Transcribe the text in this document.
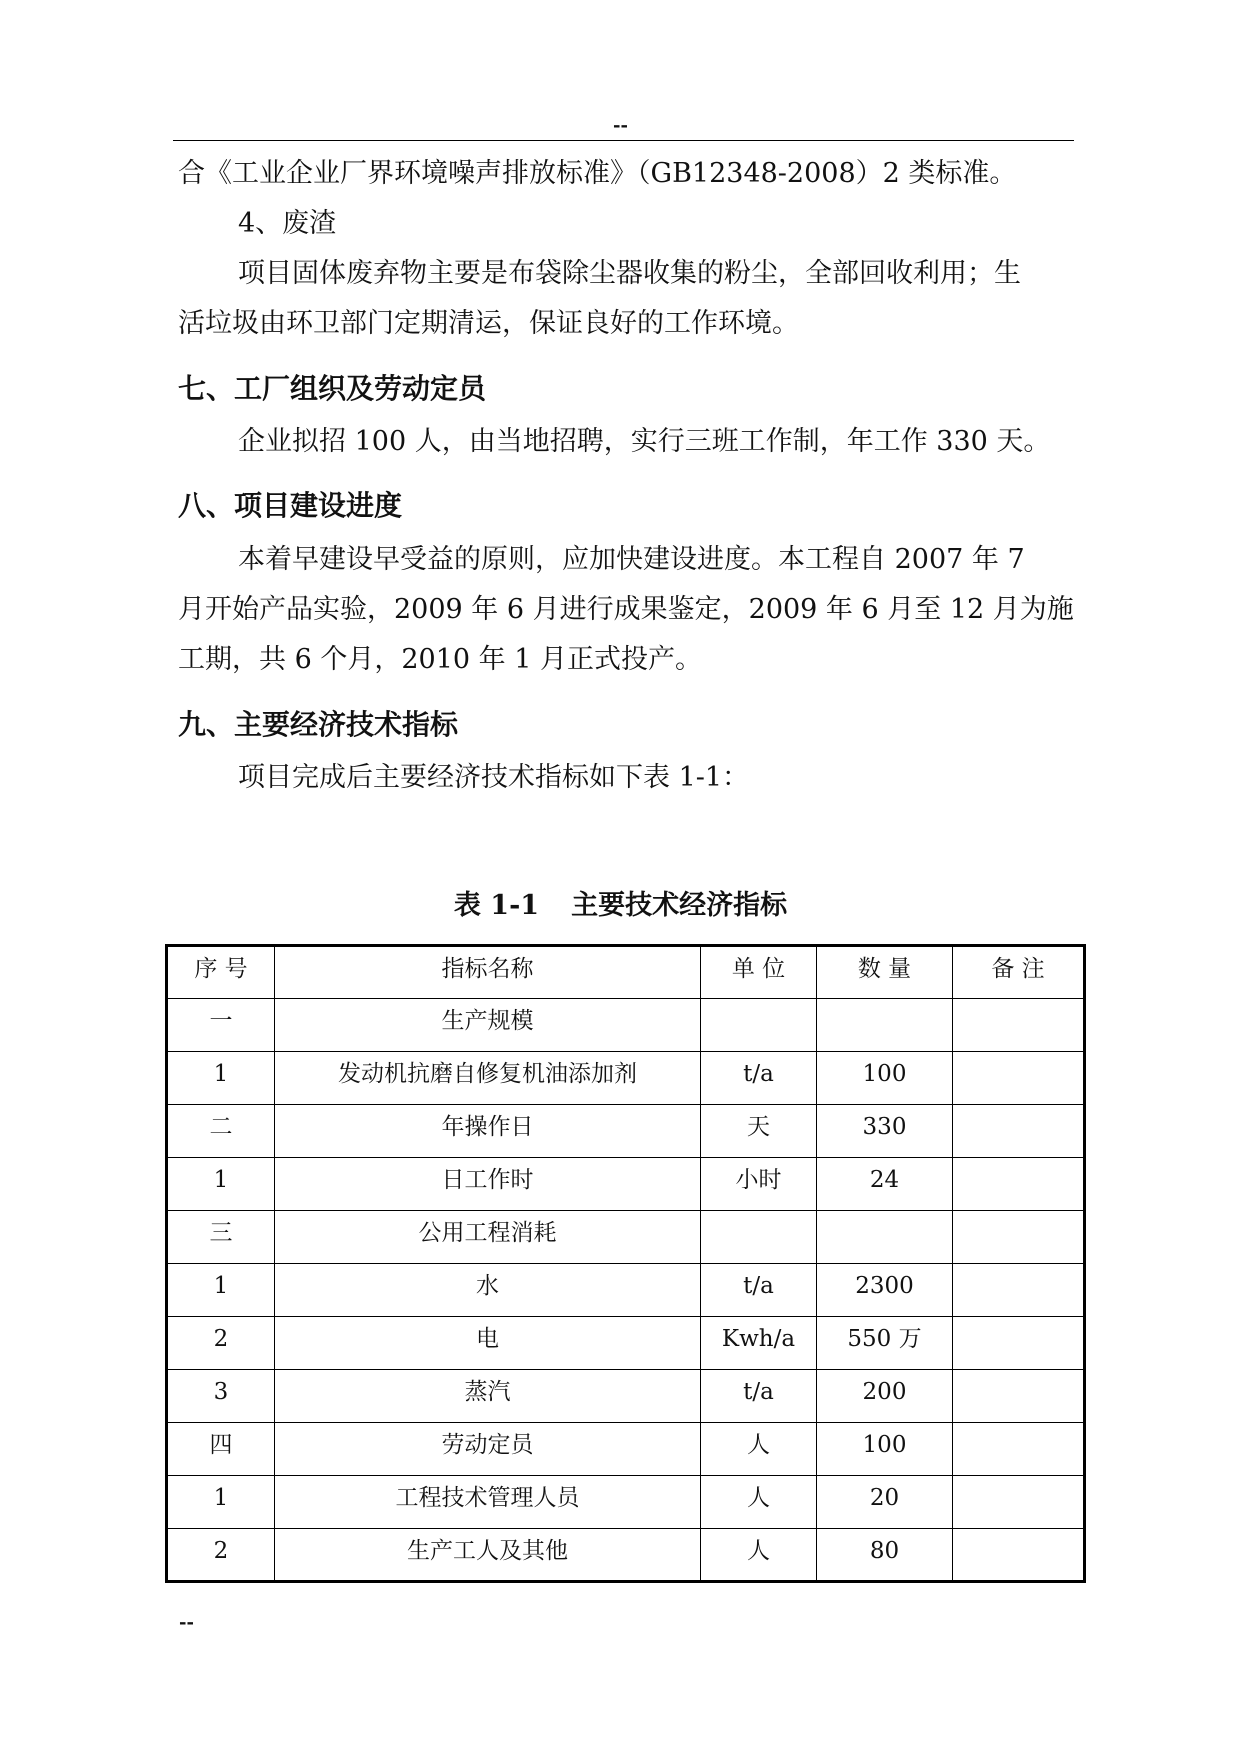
--
合《工业企业厂界环境噪声排放标准》（GB12348-2008）2 类标准。
4、废渣
项目固体废弃物主要是布袋除尘器收集的粉尘，全部回收利用；生
活垃圾由环卫部门定期清运，保证良好的工作环境。
七、工厂组织及劳动定员
企业拟招 100 人，由当地招聘，实行三班工作制，年工作 330 天。
八、项目建设进度
本着早建设早受益的原则，应加快建设进度。本工程自 2007 年 7
月开始产品实验，2009 年 6 月进行成果鉴定，2009 年 6 月至 12 月为施
工期，共 6 个月，2010 年 1 月正式投产。
九、主要经济技术指标
项目完成后主要经济技术指标如下表 1-1：
表 1-1 主要技术经济指标
序 号	指标名称	单 位	数 量	备 注
一	生产规模			
1	发动机抗磨自修复机油添加剂	t/a	100	
二	年操作日	天	330	
1	日工作时	小时	24	
三	公用工程消耗			
1	水	t/a	2300	
2	电	Kwh/a	550 万	
3	蒸汽	t/a	200	
四	劳动定员	人	100	
1	工程技术管理人员	人	20	
2	生产工人及其他	人	80	
--
